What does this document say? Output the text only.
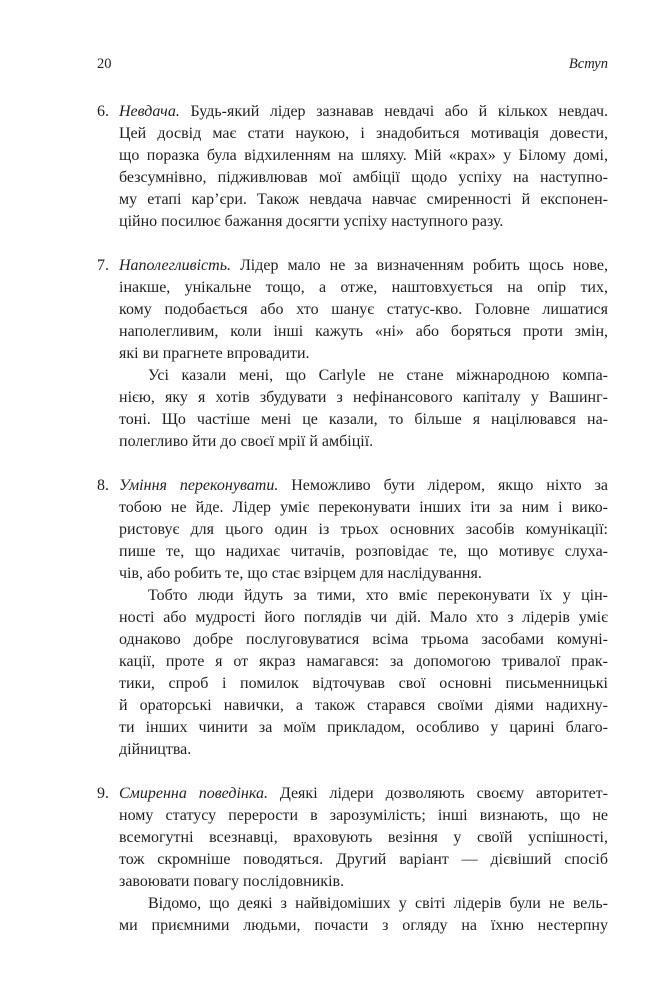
20	Вступ
6. Невдача. Будь-який лідер зазнавав невдачі або й кількох невдач.
Цей досвід має стати наукою, і знадобиться мотивація довести,
що поразка була відхиленням на шляху. Мій «крах» у Білому домі,
безсумнівно, підживлював мої амбіції щодо успіху на наступно-
му етапі кар’єри. Також невдача навчає смиренності й експонен-
ційно посилює бажання досягти успіху наступного разу.
7. Наполегливість. Лідер мало не за визначенням робить щось нове,
інакше, унікальне тощо, а отже, наштовхується на опір тих,
кому подобається або хто шанує статус-кво. Головне лишатися
наполегливим, коли інші кажуть «ні» або боряться проти змін,
які ви прагнете впровадити.
Усі казали мені, що Carlyle не стане міжнародною компа-
нією, яку я хотів збудувати з нефінансового капіталу у Вашинг-
тоні. Що частіше мені це казали, то більше я націлювався на-
полегливо йти до своєї мрії й амбіції.
8. Уміння переконувати. Неможливо бути лідером, якщо ніхто за
тобою не йде. Лідер уміє переконувати інших іти за ним і вико-
ристовує для цього один із трьох основних засобів комунікації:
пише те, що надихає читачів, розповідає те, що мотивує слуха-
чів, або робить те, що стає взірцем для наслідування.
Тобто люди йдуть за тими, хто вміє переконувати їх у цін-
ності або мудрості його поглядів чи дій. Мало хто з лідерів уміє
однаково добре послуговуватися всіма трьома засобами комуні-
кації, проте я от якраз намагався: за допомогою тривалої прак-
тики, спроб і помилок відточував свої основні письменницькі
й ораторські навички, а також старався своїми діями надихну-
ти інших чинити за моїм прикладом, особливо у царині благо-
дійництва.
9. Смиренна поведінка. Деякі лідери дозволяють своєму авторитет-
ному статусу перерости в зарозумілість; інші визнають, що не
всемогутні всезнавці, враховують везіння у своїй успішності,
тож скромніше поводяться. Другий варіант — дієвіший спосіб
завоювати повагу послідовників.
Відомо, що деякі з найвідоміших у світі лідерів були не вель-
ми приємними людьми, почасти з огляду на їхню нестерпну
